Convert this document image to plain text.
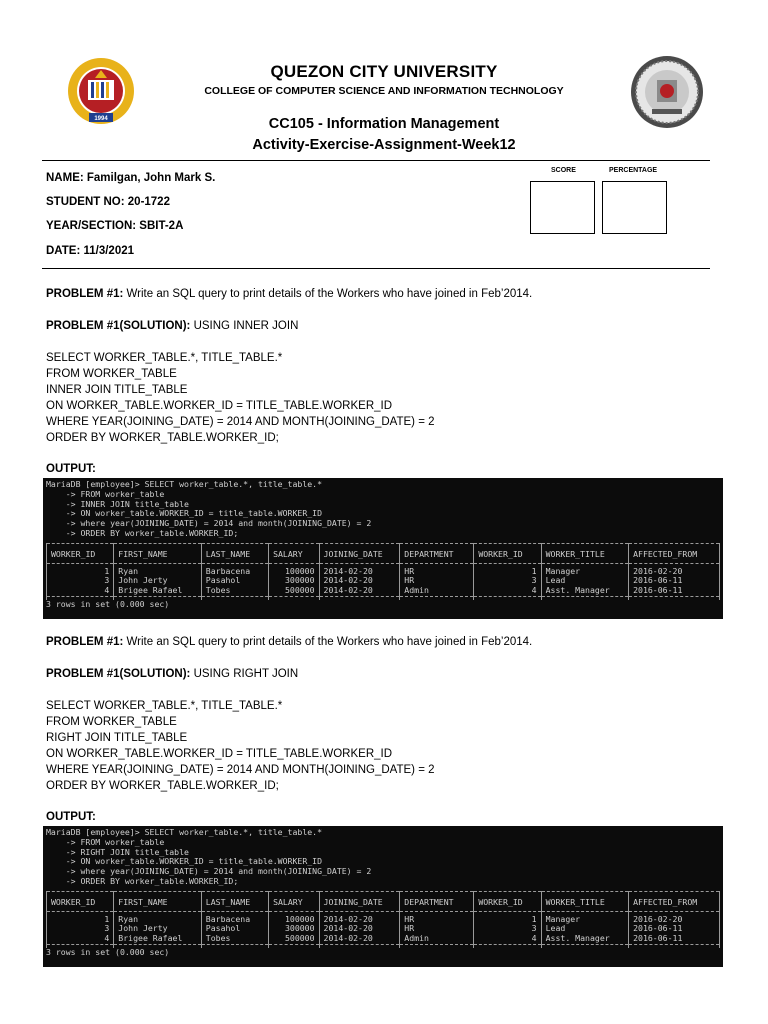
1994
QUEZON CITY UNIVERSITY
COLLEGE OF COMPUTER SCIENCE AND INFORMATION TECHNOLOGY
CC105 - Information Management
Activity-Exercise-Assignment-Week12
NAME: Familgan, John Mark S.
STUDENT NO: 20-1722
YEAR/SECTION: SBIT-2A
DATE: 11/3/2021
SCORE	PERCENTAGE
PROBLEM #1: Write an SQL query to print details of the Workers who have joined in Feb’2014.
PROBLEM #1(SOLUTION): USING INNER JOIN
SELECT WORKER_TABLE.*, TITLE_TABLE.*
FROM WORKER_TABLE
INNER JOIN TITLE_TABLE
ON WORKER_TABLE.WORKER_ID = TITLE_TABLE.WORKER_ID
WHERE YEAR(JOINING_DATE) = 2014 AND MONTH(JOINING_DATE) = 2
ORDER BY WORKER_TABLE.WORKER_ID;
OUTPUT:
MariaDB [employee]> SELECT worker_table.*, title_table.*
-> FROM worker_table
-> INNER JOIN title_table
-> ON worker_table.WORKER_ID = title_table.WORKER_ID
-> where year(JOINING_DATE) = 2014 and month(JOINING_DATE) = 2
-> ORDER BY worker_table.WORKER_ID;

WORKER_ID	FIRST_NAME	LAST_NAME	SALARY	JOINING_DATE	DEPARTMENT	WORKER_ID	WORKER_TITLE	AFFECTED_FROM

1	Ryan	Barbacena	100000	2014-02-20	HR	1	Manager	2016-02-20
3	John Jerty	Pasahol	300000	2014-02-20	HR	3	Lead	2016-06-11
4	Brigee Rafael	Tobes	500000	2014-02-20	Admin	4	Asst. Manager	2016-06-11

3 rows in set (0.000 sec)
PROBLEM #1: Write an SQL query to print details of the Workers who have joined in Feb’2014.
PROBLEM #1(SOLUTION): USING RIGHT JOIN
SELECT WORKER_TABLE.*, TITLE_TABLE.*
FROM WORKER_TABLE
RIGHT JOIN TITLE_TABLE
ON WORKER_TABLE.WORKER_ID = TITLE_TABLE.WORKER_ID
WHERE YEAR(JOINING_DATE) = 2014 AND MONTH(JOINING_DATE) = 2
ORDER BY WORKER_TABLE.WORKER_ID;
OUTPUT:
MariaDB [employee]> SELECT worker_table.*, title_table.*
-> FROM worker_table
-> RIGHT JOIN title_table
-> ON worker_table.WORKER_ID = title_table.WORKER_ID
-> where year(JOINING_DATE) = 2014 and month(JOINING_DATE) = 2
-> ORDER BY worker_table.WORKER_ID;

WORKER_ID	FIRST_NAME	LAST_NAME	SALARY	JOINING_DATE	DEPARTMENT	WORKER_ID	WORKER_TITLE	AFFECTED_FROM

1	Ryan	Barbacena	100000	2014-02-20	HR	1	Manager	2016-02-20
3	John Jerty	Pasahol	300000	2014-02-20	HR	3	Lead	2016-06-11
4	Brigee Rafael	Tobes	500000	2014-02-20	Admin	4	Asst. Manager	2016-06-11

3 rows in set (0.000 sec)
